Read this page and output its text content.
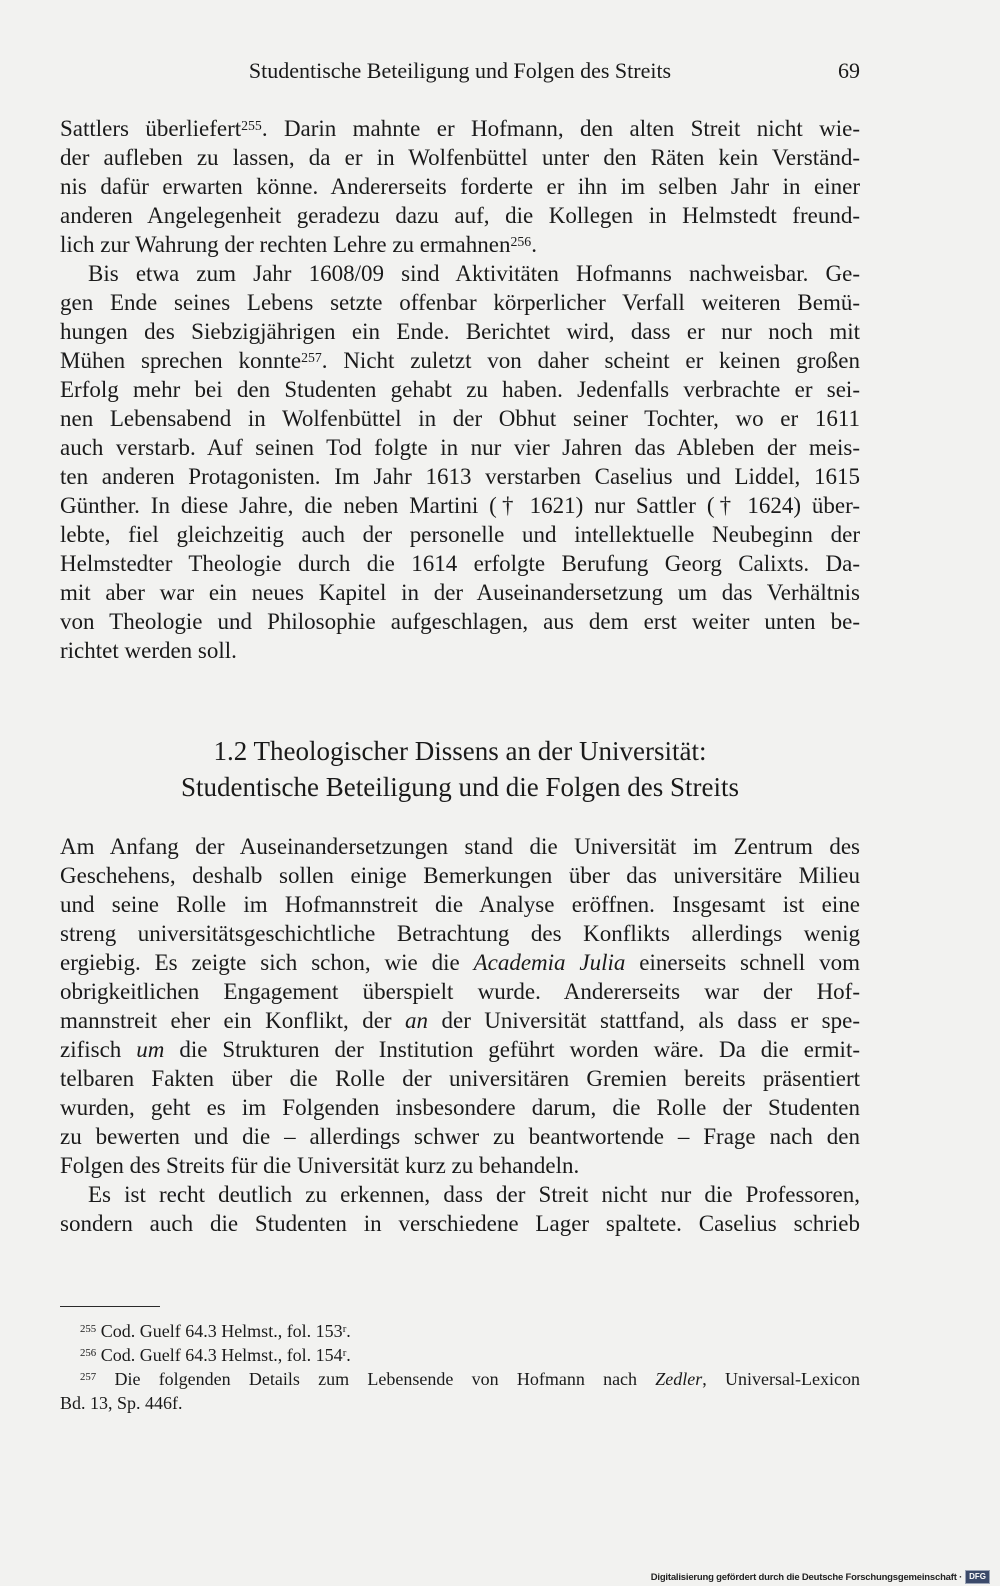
Studentische Beteiligung und Folgen des Streits	69
Sattlers überliefert$^{255}$. Darin mahnte er Hofmann, den alten Streit nicht wie-
der aufleben zu lassen, da er in Wolfenbüttel unter den Räten kein Verständ-
nis dafür erwarten könne. Andererseits forderte er ihn im selben Jahr in einer
anderen Angelegenheit geradezu dazu auf, die Kollegen in Helmstedt freund-
lich zur Wahrung der rechten Lehre zu ermahnen$^{256}$.
Bis etwa zum Jahr 1608/09 sind Aktivitäten Hofmanns nachweisbar. Ge-
gen Ende seines Lebens setzte offenbar körperlicher Verfall weiteren Bemü-
hungen des Siebzigjährigen ein Ende. Berichtet wird, dass er nur noch mit
Mühen sprechen konnte$^{257}$. Nicht zuletzt von daher scheint er keinen großen
Erfolg mehr bei den Studenten gehabt zu haben. Jedenfalls verbrachte er sei-
nen Lebensabend in Wolfenbüttel in der Obhut seiner Tochter, wo er 1611
auch verstarb. Auf seinen Tod folgte in nur vier Jahren das Ableben der meis-
ten anderen Protagonisten. Im Jahr 1613 verstarben Caselius und Liddel, 1615
Günther. In diese Jahre, die neben Martini († 1621) nur Sattler († 1624) über-
lebte, fiel gleichzeitig auch der personelle und intellektuelle Neubeginn der
Helmstedter Theologie durch die 1614 erfolgte Berufung Georg Calixts. Da-
mit aber war ein neues Kapitel in der Auseinandersetzung um das Verhältnis
von Theologie und Philosophie aufgeschlagen, aus dem erst weiter unten be-
richtet werden soll.
1.2 Theologischer Dissens an der Universität:
Studentische Beteiligung und die Folgen des Streits
Am Anfang der Auseinandersetzungen stand die Universität im Zentrum des
Geschehens, deshalb sollen einige Bemerkungen über das universitäre Milieu
und seine Rolle im Hofmannstreit die Analyse eröffnen. Insgesamt ist eine
streng universitätsgeschichtliche Betrachtung des Konflikts allerdings wenig
ergiebig. Es zeigte sich schon, wie die Academia Julia einerseits schnell vom
obrigkeitlichen Engagement überspielt wurde. Andererseits war der Hof-
mannstreit eher ein Konflikt, der an der Universität stattfand, als dass er spe-
zifisch um die Strukturen der Institution geführt worden wäre. Da die ermit-
telbaren Fakten über die Rolle der universitären Gremien bereits präsentiert
wurden, geht es im Folgenden insbesondere darum, die Rolle der Studenten
zu bewerten und die – allerdings schwer zu beantwortende – Frage nach den
Folgen des Streits für die Universität kurz zu behandeln.
Es ist recht deutlich zu erkennen, dass der Streit nicht nur die Professoren,
sondern auch die Studenten in verschiedene Lager spaltete. Caselius schrieb
$^{255}$ Cod. Guelf 64.3 Helmst., fol. 153$^r$.
$^{256}$ Cod. Guelf 64.3 Helmst., fol. 154$^r$.
$^{257}$ Die folgenden Details zum Lebensende von Hofmann nach Zedler, Universal-Lexicon
Bd. 13, Sp. 446f.
Digitalisierung gefördert durch die Deutsche Forschungsgemeinschaft · DFG
